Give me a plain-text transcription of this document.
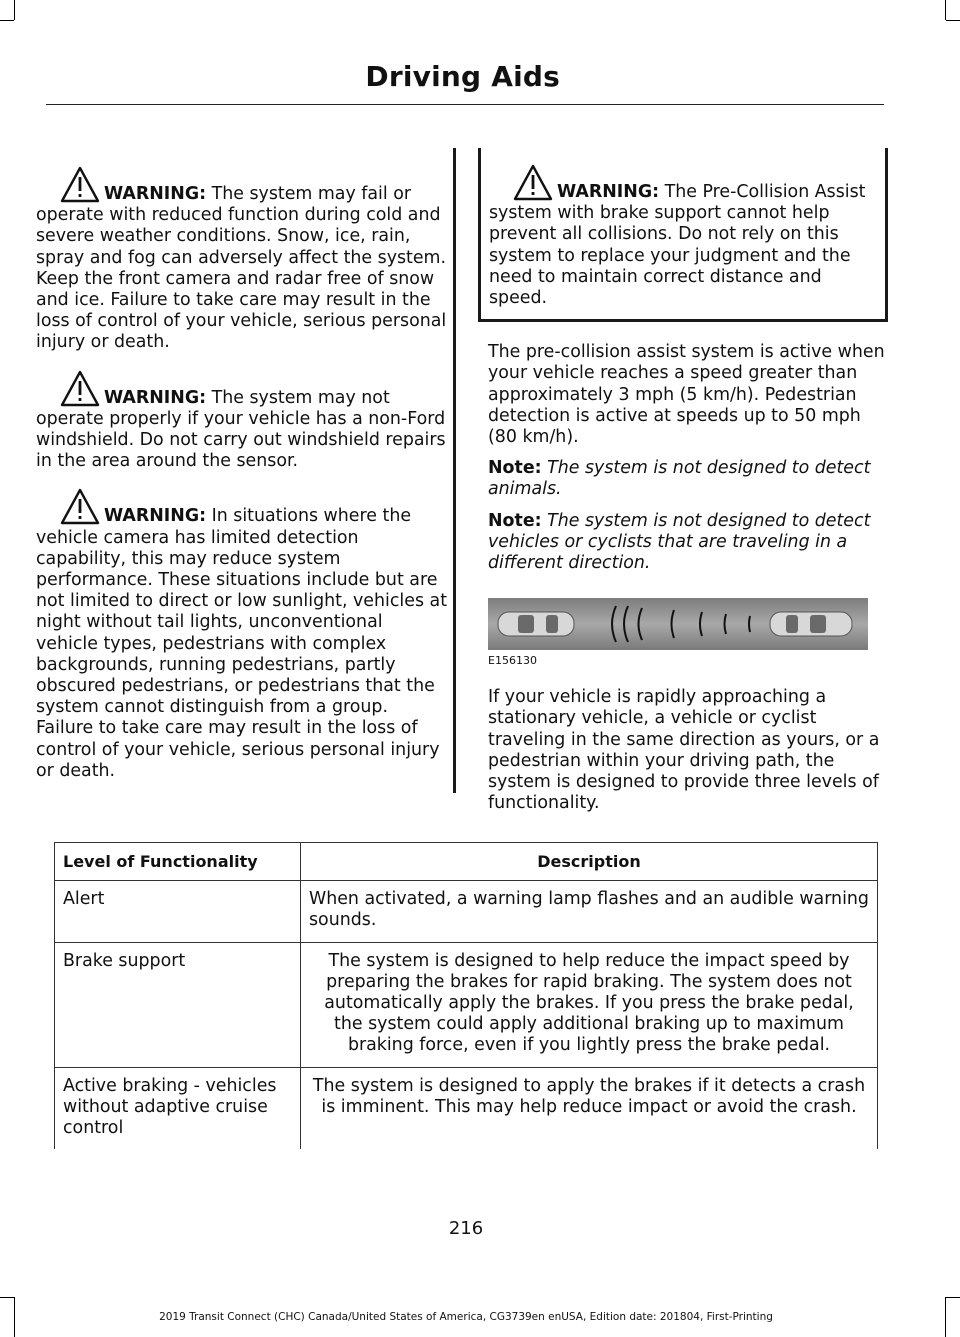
Driving Aids

WARNING: The system may fail or operate with reduced function during cold and severe weather conditions. Snow, ice, rain, spray and fog can adversely affect the system. Keep the front camera and radar free of snow and ice. Failure to take care may result in the loss of control of your vehicle, serious personal injury or death.

WARNING: The system may not operate properly if your vehicle has a non-Ford windshield. Do not carry out windshield repairs in the area around the sensor.

WARNING: In situations where the vehicle camera has limited detection capability, this may reduce system performance. These situations include but are not limited to direct or low sunlight, vehicles at night without tail lights, unconventional vehicle types, pedestrians with complex backgrounds, running pedestrians, partly obscured pedestrians, or pedestrians that the system cannot distinguish from a group. Failure to take care may result in the loss of control of your vehicle, serious personal injury or death.

WARNING: The Pre-Collision Assist system with brake support cannot help prevent all collisions. Do not rely on this system to replace your judgment and the need to maintain correct distance and speed.

The pre-collision assist system is active when your vehicle reaches a speed greater than approximately 3 mph (5 km/h). Pedestrian detection is active at speeds up to 50 mph (80 km/h).

Note: The system is not designed to detect animals.

Note: The system is not designed to detect vehicles or cyclists that are traveling in a different direction.

E156130

If your vehicle is rapidly approaching a stationary vehicle, a vehicle or cyclist traveling in the same direction as yours, or a pedestrian within your driving path, the system is designed to provide three levels of functionality.

Level of Functionality	Description
Alert	When activated, a warning lamp flashes and an audible warning sounds.
Brake support	The system is designed to help reduce the impact speed by preparing the brakes for rapid braking. The system does not automatically apply the brakes. If you press the brake pedal, the system could apply additional braking up to maximum braking force, even if you lightly press the brake pedal.
Active braking - vehicles without adaptive cruise control	The system is designed to apply the brakes if it detects a crash is imminent. This may help reduce impact or avoid the crash.
216
2019 Transit Connect (CHC) Canada/United States of America, CG3739en enUSA, Edition date: 201804, First-Printing
